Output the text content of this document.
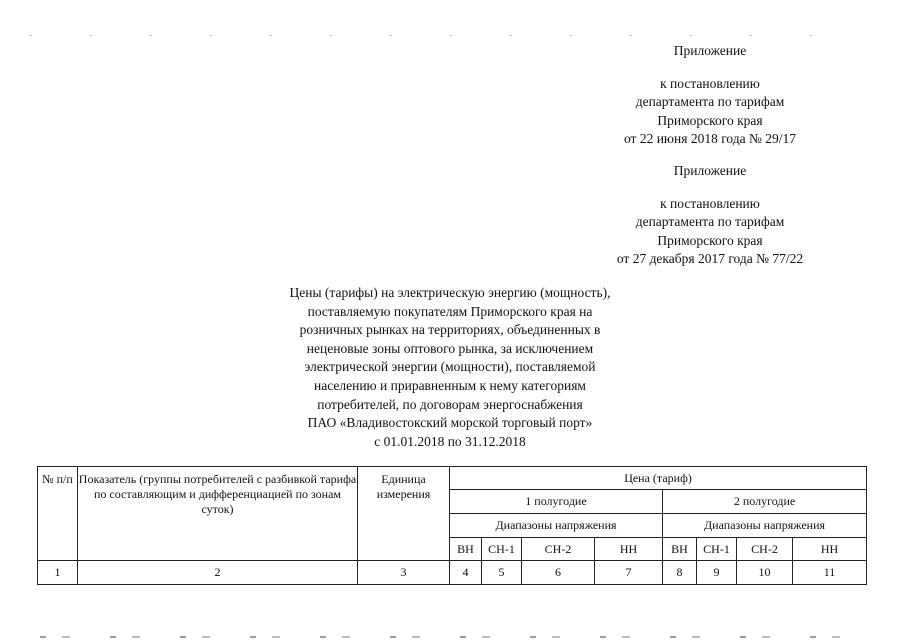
Приложение
к постановлению
департамента по тарифам
Приморского края
от 22 июня 2018 года № 29/17
Приложение
к постановлению
департамента по тарифам
Приморского края
от 27 декабря 2017 года № 77/22
Цены (тарифы) на электрическую энергию (мощность),
поставляемую покупателям Приморского края на
розничных рынках на территориях, объединенных в
неценовые зоны оптового рынка, за исключением
электрической энергии (мощности), поставляемой
населению и приравненным к нему категориям
потребителей, по договорам энергоснабжения
ПАО «Владивостокский морской торговый порт»
с 01.01.2018 по 31.12.2018
№ п/п	Показатель (группы потребителей с разбивкой тарифа по составляющим и дифференциацией по зонам суток)	Единица измерения	Цена (тариф)							
			1 полугодие				2 полугодие			
			Диапазоны напряжения				Диапазоны напряжения			
			ВН	СН-1	СН-2	НН	ВН	СН-1	СН-2	НН
1	2	3	4	5	6	7	8	9	10	11
